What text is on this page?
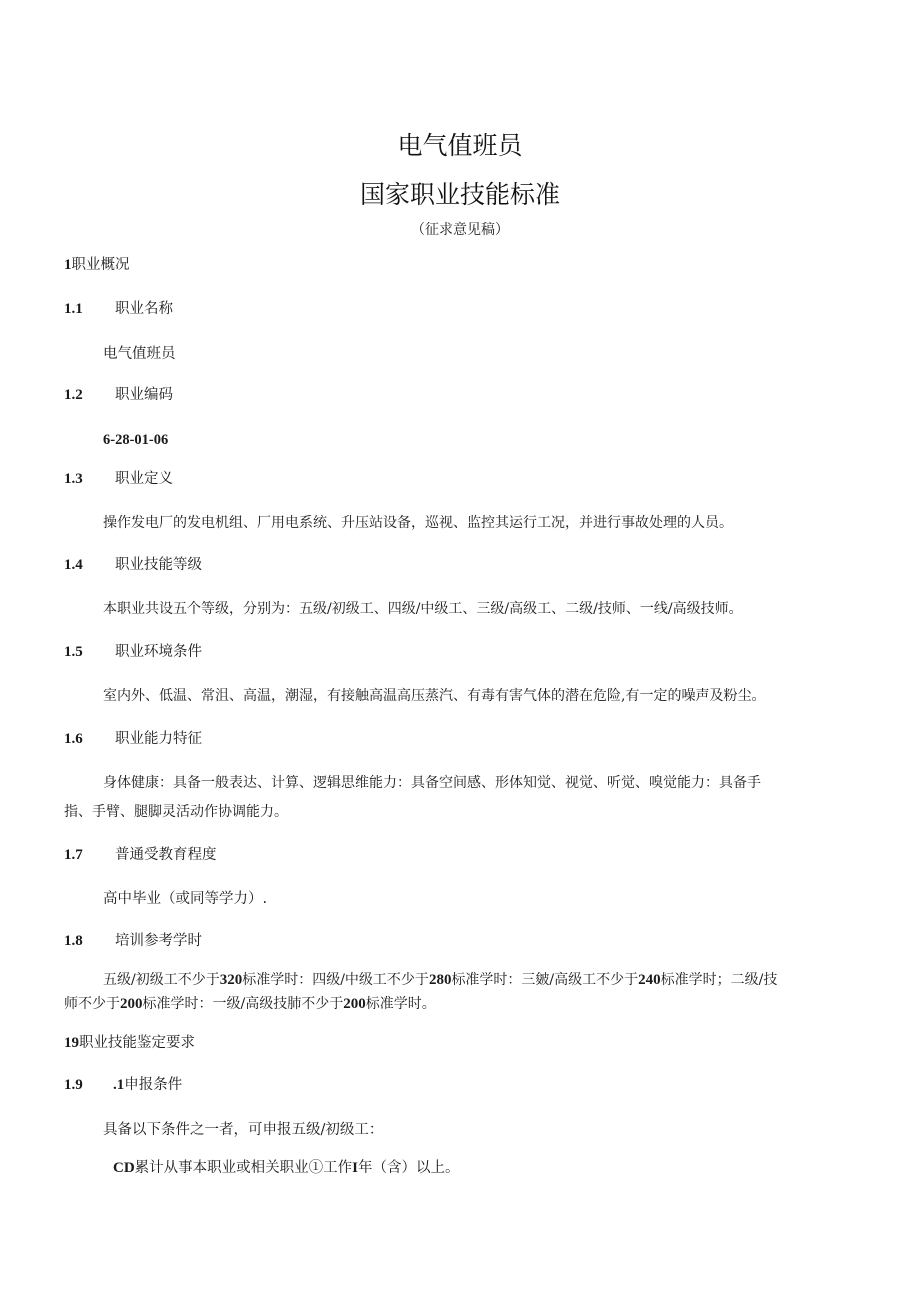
电气值班员
国家职业技能标准
（征求意见稿）
1职业概况
1.1 职业名称
电气值班员
1.2 职业编码
6-28-01-06
1.3 职业定义
操作发电厂的发电机组、厂用电系统、升压站设备，巡视、监控其运行工况，并进行事故处理的人员。
1.4 职业技能等级
本职业共设五个等级，分别为：五级/初级工、四级/中级工、三级/高级工、二级/技师、一线/高级技师。
1.5 职业环境条件
室内外、低温、常沮、高温，潮湿，有接触高温高压蒸汽、有毒有害气体的潜在危险,有一定的噪声及粉尘。
1.6 职业能力特征
身体健康：具备一般表达、计算、逻辑思维能力：具备空间感、形体知觉、视觉、听觉、嗅觉能力：具备手
指、手臂、腿脚灵活动作协调能力。
1.7 普通受教育程度
高中毕业（或同等学力）.
1.8 培训参考学时
五级/初级工不少于320标准学时：四级/中级工不少于280标准学时：三皴/高级工不少于240标准学时；二级/技
师不少于200标准学时：一级/高级技肺不少于200标准学时。
19职业技能鉴定要求
1.9 .1申报条件
具备以下条件之一者，可申报五级/初级工：
CD累计从事本职业或相关职业①工作I年（含）以上。
